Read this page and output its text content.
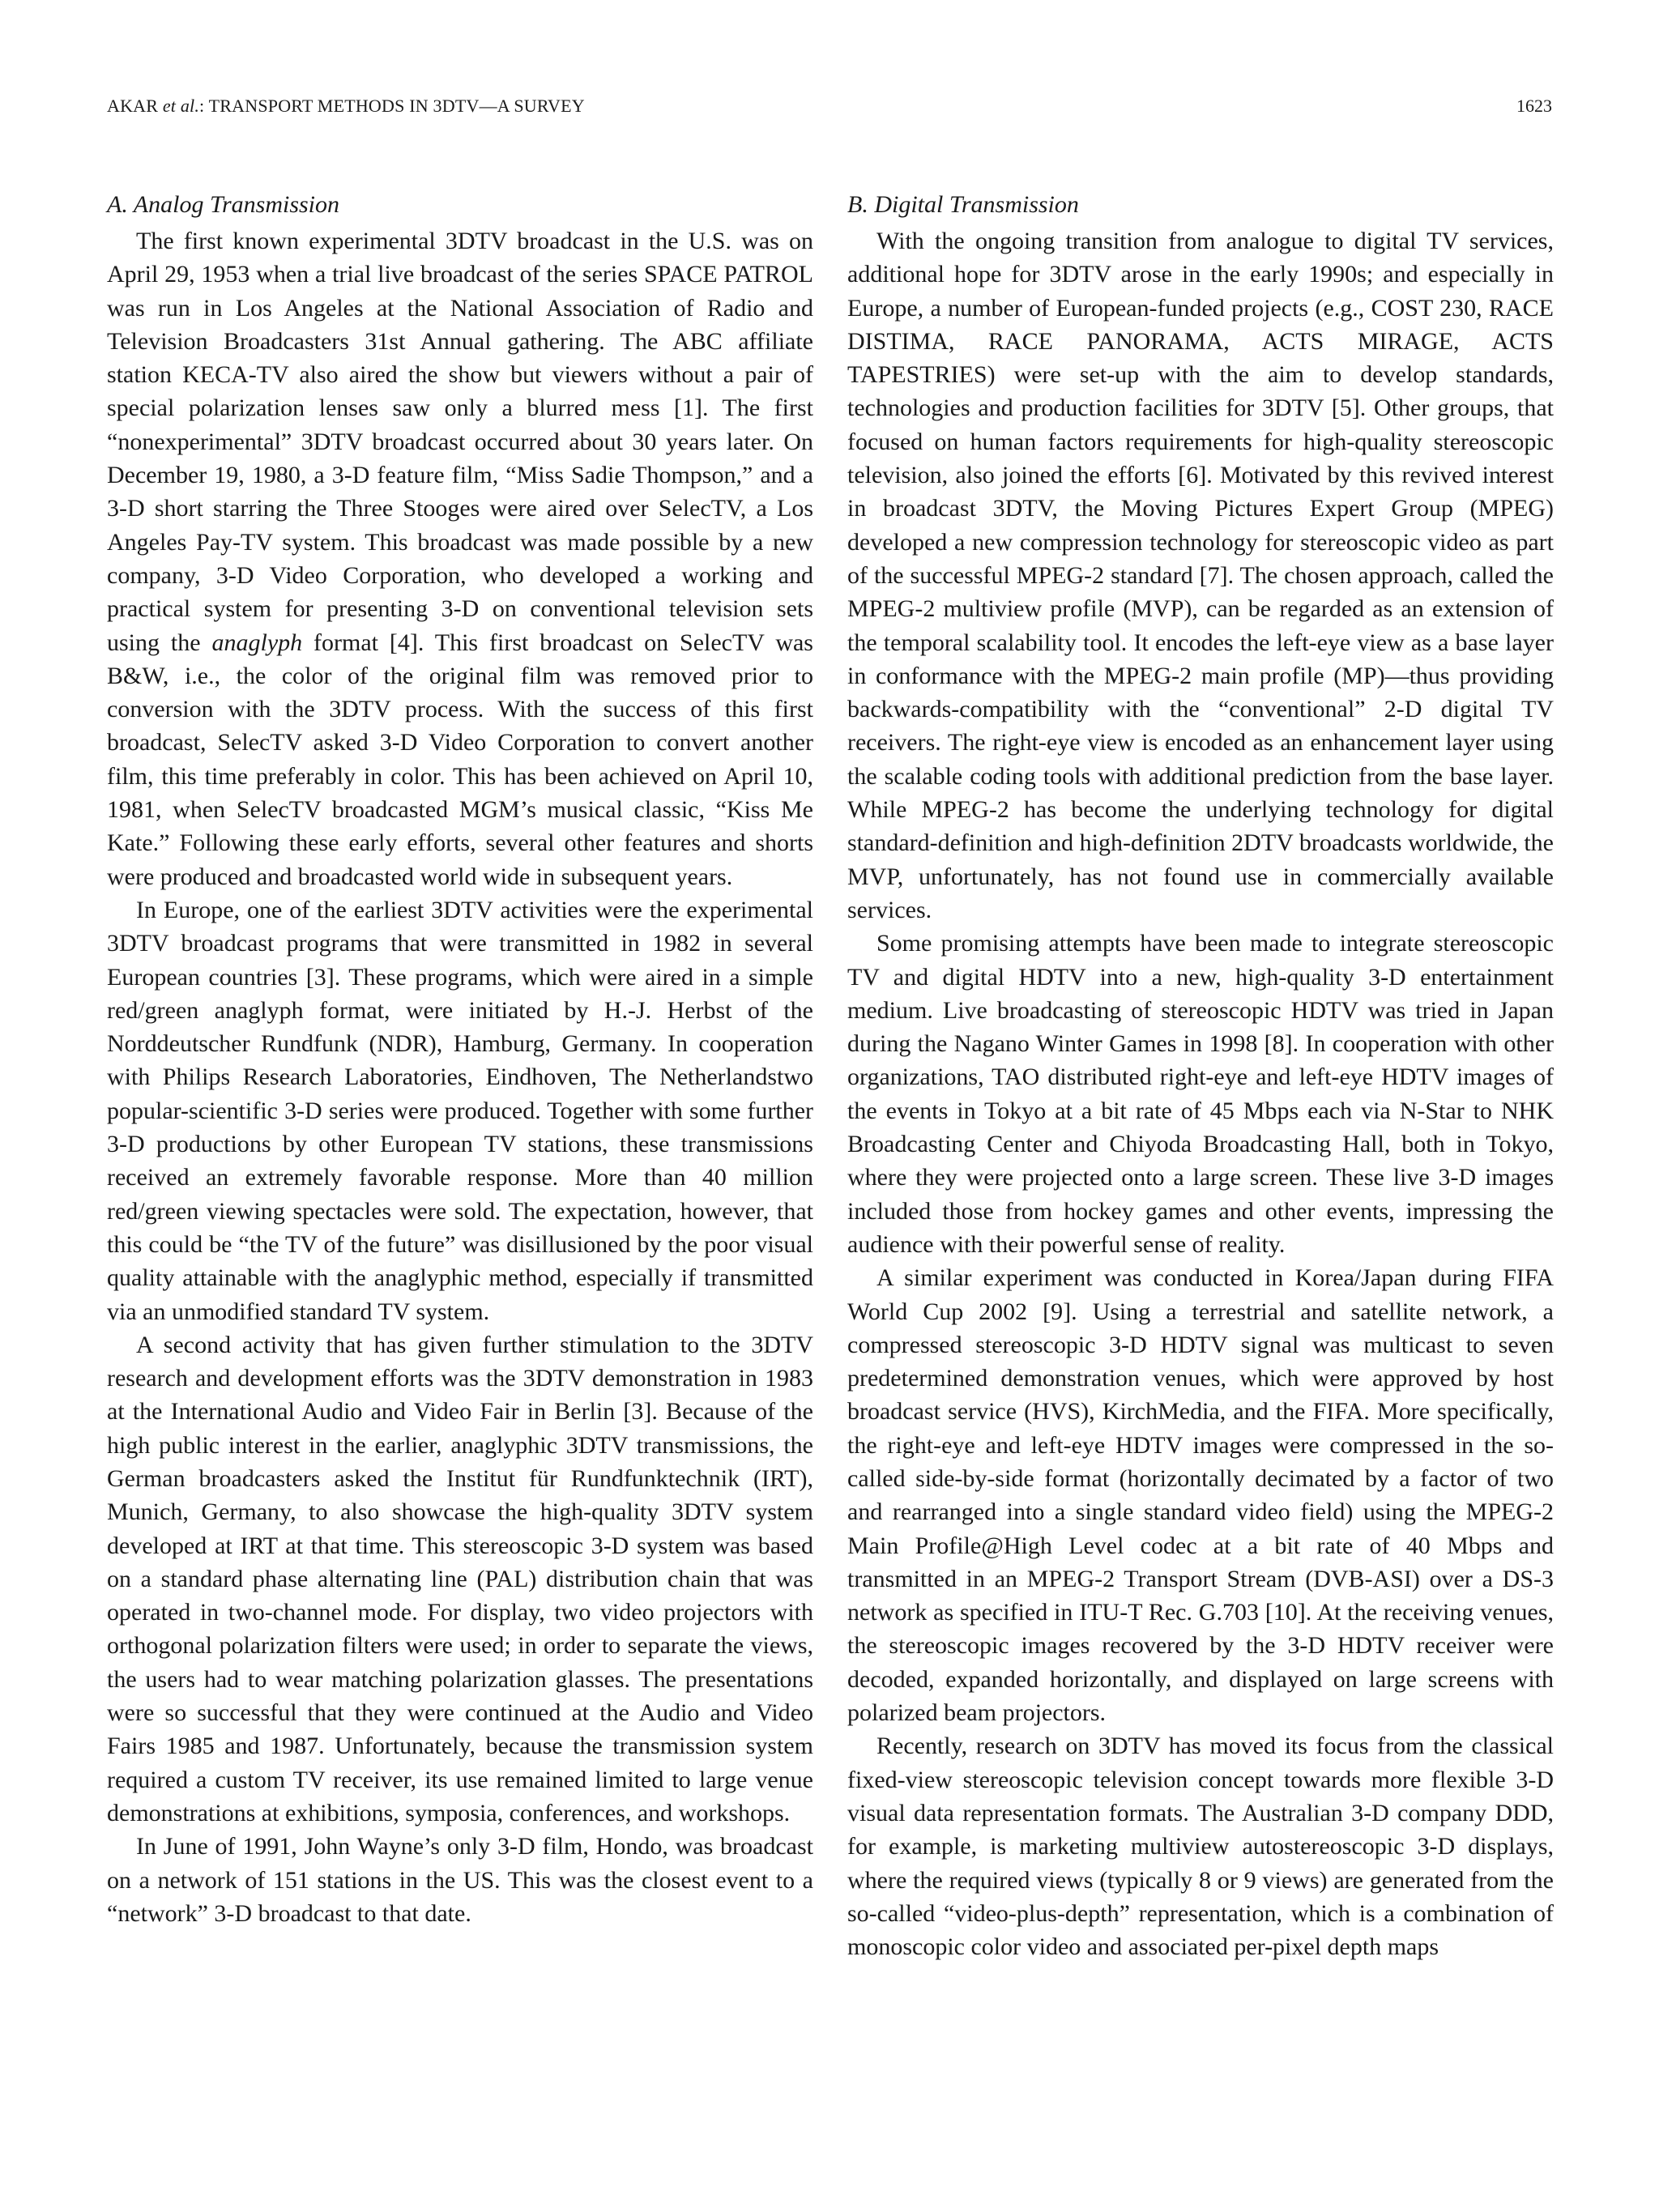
AKAR et al.: TRANSPORT METHODS IN 3DTV—A SURVEY	1623
A. Analog Transmission

The first known experimental 3DTV broadcast in the U.S. was on April 29, 1953 when a trial live broadcast of the series SPACE PATROL was run in Los Angeles at the National Association of Radio and Television Broadcasters 31st Annual gathering. The ABC affiliate station KECA-TV also aired the show but viewers without a pair of special polarization lenses saw only a blurred mess [1]. The first “nonexperimental” 3DTV broadcast occurred about 30 years later. On December 19, 1980, a 3-D feature film, “Miss Sadie Thompson,” and a 3-D short starring the Three Stooges were aired over SelecTV, a Los Angeles Pay-TV system. This broadcast was made possible by a new company, 3-D Video Corporation, who developed a working and practical system for presenting 3-D on conventional television sets using the anaglyph format [4]. This first broadcast on SelecTV was B&W, i.e., the color of the original film was removed prior to conversion with the 3DTV process. With the success of this first broadcast, SelecTV asked 3-D Video Corporation to convert another film, this time preferably in color. This has been achieved on April 10, 1981, when SelecTV broadcasted MGM’s musical classic, “Kiss Me Kate.” Following these early efforts, several other features and shorts were produced and broadcasted world wide in subsequent years.

In Europe, one of the earliest 3DTV activities were the experimental 3DTV broadcast programs that were transmitted in 1982 in several European countries [3]. These programs, which were aired in a simple red/green anaglyph format, were initiated by H.-J. Herbst of the Norddeutscher Rundfunk (NDR), Hamburg, Germany. In cooperation with Philips Research Laboratories, Eindhoven, The Netherlandstwo popular-scientific 3-D series were produced. Together with some further 3-D productions by other European TV stations, these transmissions received an extremely favorable response. More than 40 million red/green viewing spectacles were sold. The expectation, however, that this could be “the TV of the future” was disillusioned by the poor visual quality attainable with the anaglyphic method, especially if transmitted via an unmodified standard TV system.

A second activity that has given further stimulation to the 3DTV research and development efforts was the 3DTV demonstration in 1983 at the International Audio and Video Fair in Berlin [3]. Because of the high public interest in the earlier, anaglyphic 3DTV transmissions, the German broadcasters asked the Institut für Rundfunktechnik (IRT), Munich, Germany, to also showcase the high-quality 3DTV system developed at IRT at that time. This stereoscopic 3-D system was based on a standard phase alternating line (PAL) distribution chain that was operated in two-channel mode. For display, two video projectors with orthogonal polarization filters were used; in order to separate the views, the users had to wear matching polarization glasses. The presentations were so successful that they were continued at the Audio and Video Fairs 1985 and 1987. Unfortunately, because the transmission system required a custom TV receiver, its use remained limited to large venue demonstrations at exhibitions, symposia, conferences, and workshops.

In June of 1991, John Wayne’s only 3-D film, Hondo, was broadcast on a network of 151 stations in the US. This was the closest event to a “network” 3-D broadcast to that date.

B. Digital Transmission

With the ongoing transition from analogue to digital TV services, additional hope for 3DTV arose in the early 1990s; and especially in Europe, a number of European-funded projects (e.g., COST 230, RACE DISTIMA, RACE PANORAMA, ACTS MIRAGE, ACTS TAPESTRIES) were set-up with the aim to develop standards, technologies and production facilities for 3DTV [5]. Other groups, that focused on human factors requirements for high-quality stereoscopic television, also joined the efforts [6]. Motivated by this revived interest in broadcast 3DTV, the Moving Pictures Expert Group (MPEG) developed a new compression technology for stereoscopic video as part of the successful MPEG-2 standard [7]. The chosen approach, called the MPEG-2 multiview profile (MVP), can be regarded as an extension of the temporal scalability tool. It encodes the left-eye view as a base layer in conformance with the MPEG-2 main profile (MP)—thus providing backwards-compatibility with the “conventional” 2-D digital TV receivers. The right-eye view is encoded as an enhancement layer using the scalable coding tools with additional prediction from the base layer. While MPEG-2 has become the underlying technology for digital standard-definition and high-definition 2DTV broadcasts worldwide, the MVP, unfortunately, has not found use in commercially available services.

Some promising attempts have been made to integrate stereoscopic TV and digital HDTV into a new, high-quality 3-D entertainment medium. Live broadcasting of stereoscopic HDTV was tried in Japan during the Nagano Winter Games in 1998 [8]. In cooperation with other organizations, TAO distributed right-eye and left-eye HDTV images of the events in Tokyo at a bit rate of 45 Mbps each via N-Star to NHK Broadcasting Center and Chiyoda Broadcasting Hall, both in Tokyo, where they were projected onto a large screen. These live 3-D images included those from hockey games and other events, impressing the audience with their powerful sense of reality.

A similar experiment was conducted in Korea/Japan during FIFA World Cup 2002 [9]. Using a terrestrial and satellite network, a compressed stereoscopic 3-D HDTV signal was multicast to seven predetermined demonstration venues, which were approved by host broadcast service (HVS), KirchMedia, and the FIFA. More specifically, the right-eye and left-eye HDTV images were compressed in the so-called side-by-side format (horizontally decimated by a factor of two and rearranged into a single standard video field) using the MPEG-2 Main Profile@High Level codec at a bit rate of 40 Mbps and transmitted in an MPEG-2 Transport Stream (DVB-ASI) over a DS-3 network as specified in ITU-T Rec. G.703 [10]. At the receiving venues, the stereoscopic images recovered by the 3-D HDTV receiver were decoded, expanded horizontally, and displayed on large screens with polarized beam projectors.

Recently, research on 3DTV has moved its focus from the classical fixed-view stereoscopic television concept towards more flexible 3-D visual data representation formats. The Australian 3-D company DDD, for example, is marketing multiview autostereoscopic 3-D displays, where the required views (typically 8 or 9 views) are generated from the so-called “video-plus-depth” representation, which is a combination of monoscopic color video and associated per-pixel depth maps
